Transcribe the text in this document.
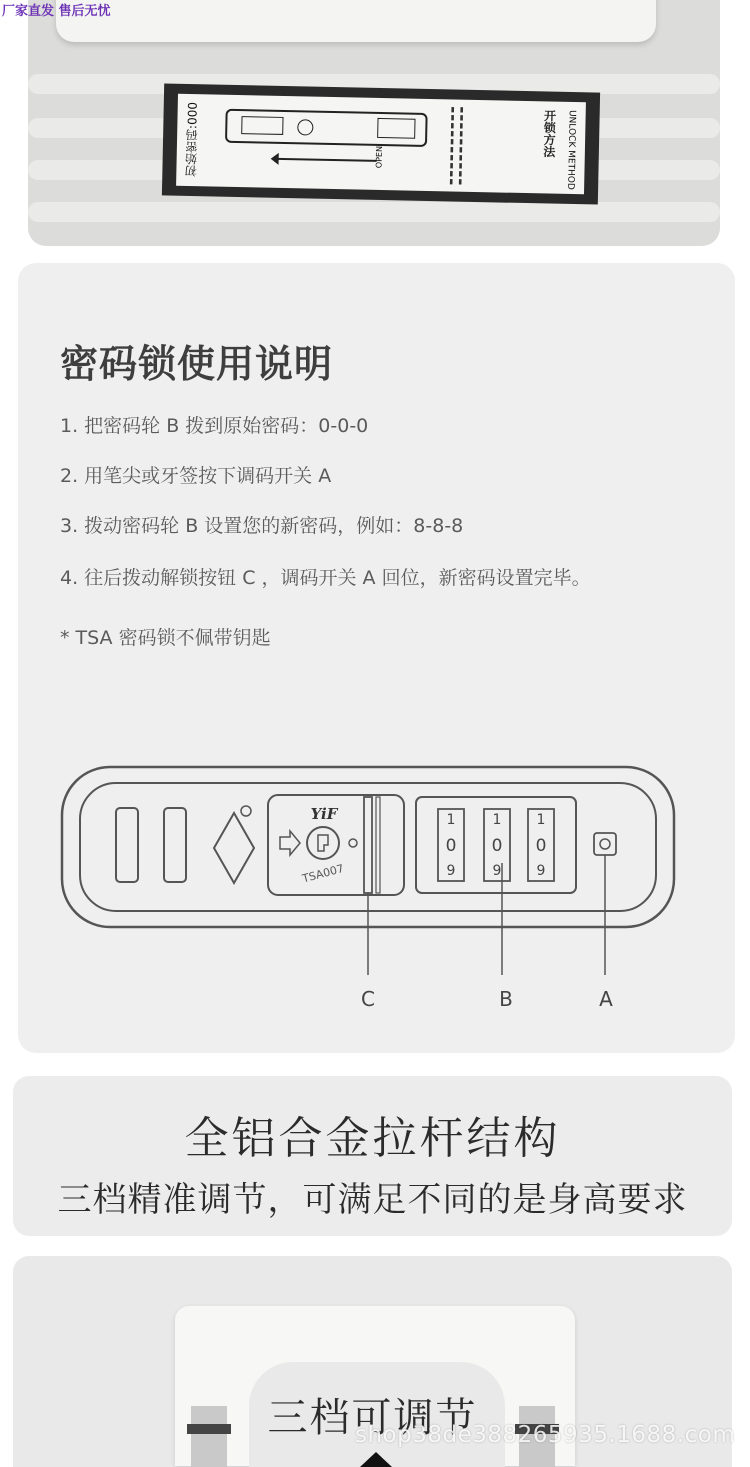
厂家直发 售后无忧
初始密码:000	OPEN	▮▮▮▮▮▮▮▮▮▮
▮▮▮▮▮▮▮▮▮▮	UNLOCK METHOD
开锁方法
密码锁使用说明
1. 把密码轮 B 拨到原始密码：0-0-0
2. 用笔尖或牙签按下调码开关 A
3. 拨动密码轮 B 设置您的新密码，例如：8-8-8
4. 往后拨动解锁按钮 C ，调码开关 A 回位，新密码设置完毕。
* TSA 密码锁不佩带钥匙
YiF
TSA007
1
0
9
1
0
9
1
0
9
C	B	A
全铝合金拉杆结构
三档精准调节，可满足不同的是身高要求
三档可调节
shop38de388265935.1688.com
